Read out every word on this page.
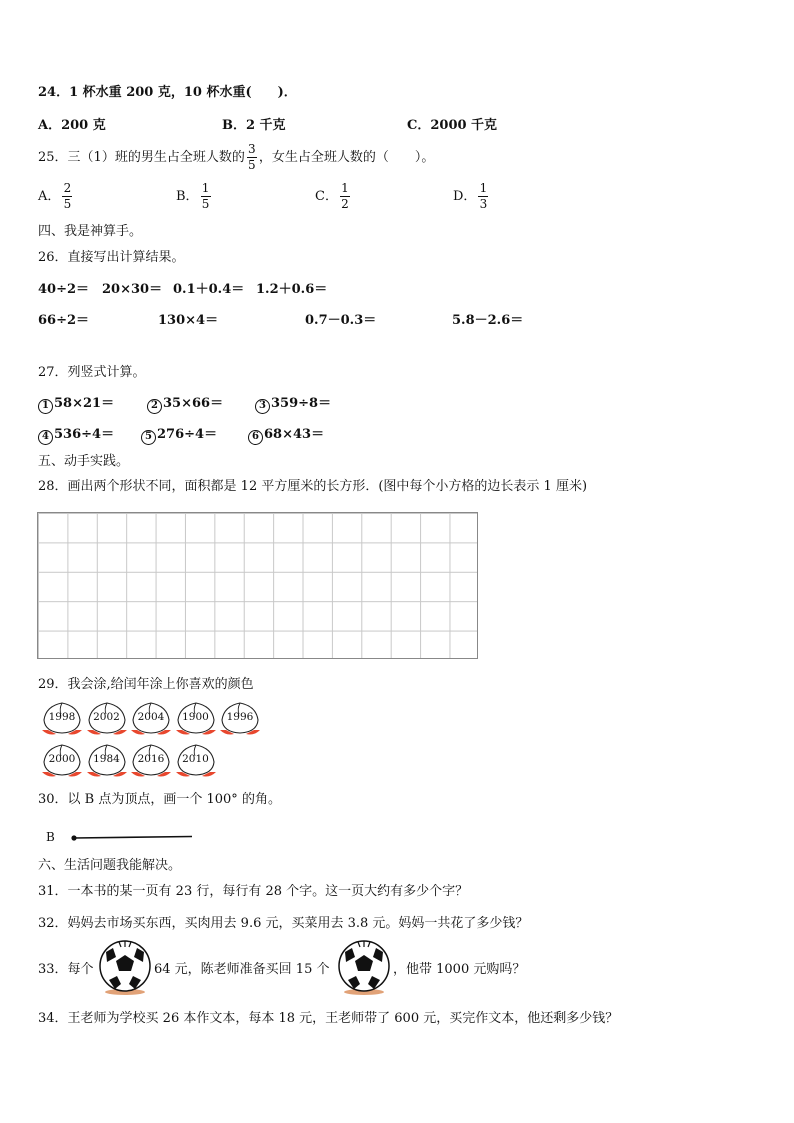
24．1 杯水重 200 克，10 杯水重(　　)．
A．200 克	B．2 千克	C．2000 千克
25．三（1）班的男生占全班人数的 $\frac{3}{5}$ ，女生占全班人数的（　　）。
A． $\frac{2}{5}$	B． $\frac{1}{5}$	C． $\frac{1}{2}$	D． $\frac{1}{3}$
四、我是神算手。
26．直接写出计算结果。
40÷2＝ 20×30＝ 0.1＋0.4＝ 1.2＋0.6＝
66÷2＝	130×4＝	0.7－0.3＝	5.8－2.6＝
27．列竖式计算。
1 58×21＝	2 35×66＝	3 359÷8＝
4 536÷4＝	5 276÷4＝	6 68×43＝
五、动手实践。
28．画出两个形状不同，面积都是 12 平方厘米的长方形．(图中每个小方格的边长表示 1 厘米)
29．我会涂,给闰年涂上你喜欢的颜色
1998	2002	2004	1900	1996
2000	1984	2016	2010
30．以 B 点为顶点，画一个 100° 的角。
B
六、生活问题我能解决。
31．一本书的某一页有 23 行，每行有 28 个字。这一页大约有多少个字？
32．妈妈去市场买东西，买肉用去 9.6 元，买菜用去 3.8 元。妈妈一共花了多少钱？
33．每个	64 元，陈老师准备买回 15 个	，他带 1000 元购吗？
34．王老师为学校买 26 本作文本，每本 18 元，王老师带了 600 元，买完作文本，他还剩多少钱？
